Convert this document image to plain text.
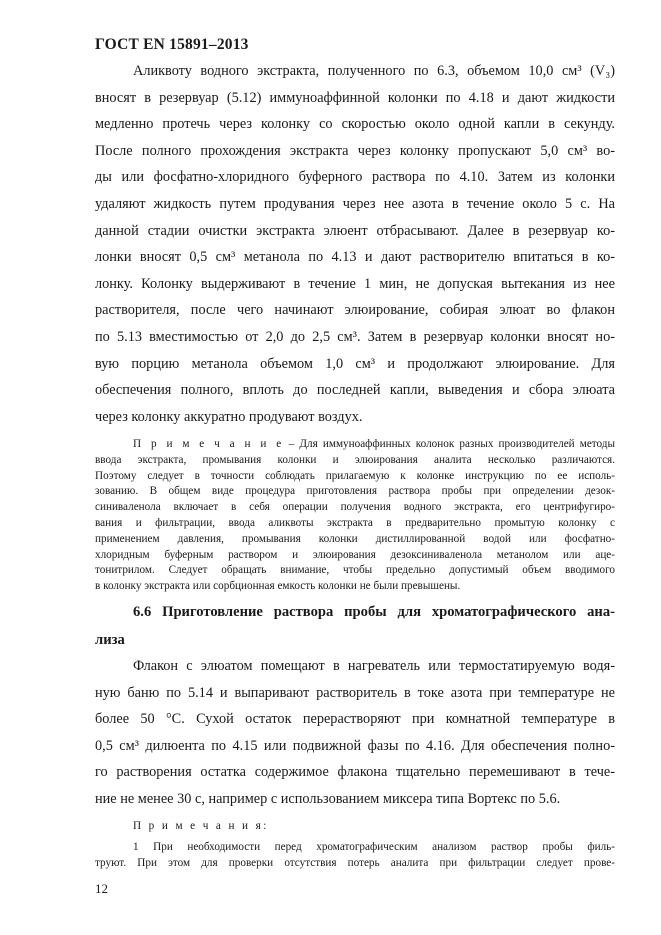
ГОСТ EN 15891–2013
Аликвоту водного экстракта, полученного по 6.3, объемом 10,0 см³ (V₃)
вносят в резервуар (5.12) иммуноаффинной колонки по 4.18 и дают жидкости
медленно протечь через колонку со скоростью около одной капли в секунду.
После полного прохождения экстракта через колонку пропускают 5,0 см³ во-
ды или фосфатно-хлоридного буферного раствора по 4.10. Затем из колонки
удаляют жидкость путем продувания через нее азота в течение около 5 с. На
данной стадии очистки экстракта элюент отбрасывают. Далее в резервуар ко-
лонки вносят 0,5 см³ метанола по 4.13 и дают растворителю впитаться в ко-
лонку. Колонку выдерживают в течение 1 мин, не допуская вытекания из нее
растворителя, после чего начинают элюирование, собирая элюат во флакон
по 5.13 вместимостью от 2,0 до 2,5 см³. Затем в резервуар колонки вносят но-
вую порцию метанола объемом 1,0 см³ и продолжают элюирование. Для
обеспечения полного, вплоть до последней капли, выведения и сбора элюата
через колонку аккуратно продувают воздух.
П р и м е ч а н и е – Для иммуноаффинных колонок разных производителей методы
ввода экстракта, промывания колонки и элюирования аналита несколько различаются.
Поэтому следует в точности соблюдать прилагаемую к колонке инструкцию по ее исполь-
зованию. В общем виде процедура приготовления раствора пробы при определении дезок-
синиваленола включает в себя операции получения водного экстракта, его центрифугиро-
вания и фильтрации, ввода аликвоты экстракта в предварительно промытую колонку с
применением давления, промывания колонки дистиллированной водой или фосфатно-
хлоридным буферным раствором и элюирования дезоксиниваленола метанолом или аце-
тонитрилом. Следует обращать внимание, чтобы предельно допустимый объем вводимого
в колонку экстракта или сорбционная емкость колонки не были превышены.
6.6 Приготовление раствора пробы для хроматографического ана-
лиза
Флакон с элюатом помещают в нагреватель или термостатируемую водя-
ную баню по 5.14 и выпаривают растворитель в токе азота при температуре не
более 50 °С. Сухой остаток перерастворяют при комнатной температуре в
0,5 см³ дилюента по 4.15 или подвижной фазы по 4.16. Для обеспечения полно-
го растворения остатка содержимое флакона тщательно перемешивают в тече-
ние не менее 30 с, например с использованием миксера типа Вортекс по 5.6.
П р и м е ч а н и я:
1 При необходимости перед хроматографическим анализом раствор пробы филь-
труют. При этом для проверки отсутствия потерь аналита при фильтрации следует прове-
12
